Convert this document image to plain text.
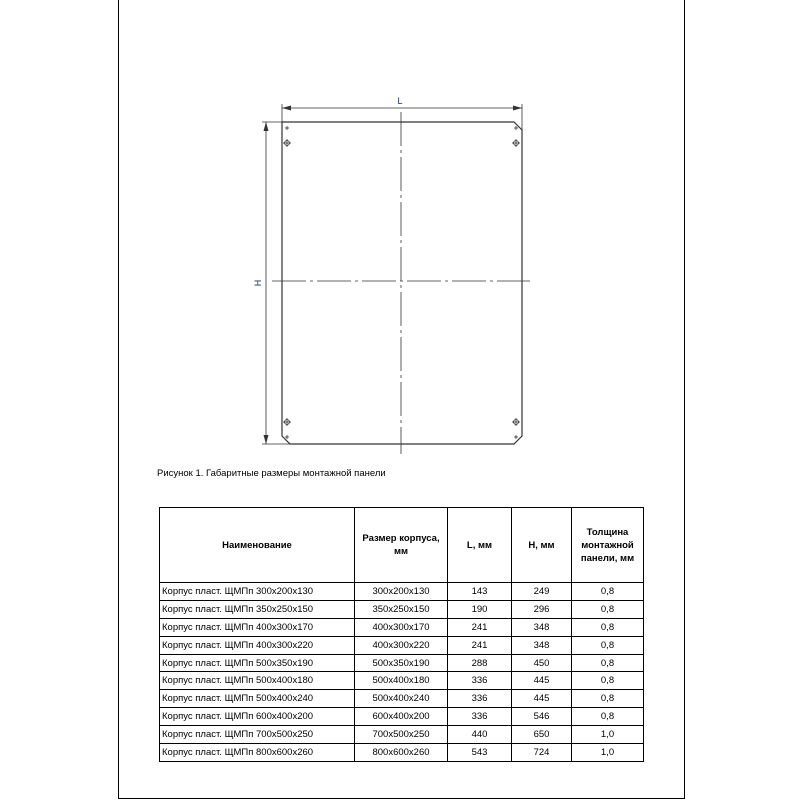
L
H
Рисунок 1. Габаритные размеры монтажной панели
Наименование	Размер корпуса, мм	L, мм	H, мм	Толщина монтажной панели, мм
Корпус пласт. ЩМПп 300х200х130	300х200х130	143	249	0,8
Корпус пласт. ЩМПп 350х250х150	350х250х150	190	296	0,8
Корпус пласт. ЩМПп 400х300х170	400х300х170	241	348	0,8
Корпус пласт. ЩМПп 400х300х220	400х300х220	241	348	0,8
Корпус пласт. ЩМПп 500х350х190	500х350х190	288	450	0,8
Корпус пласт. ЩМПп 500х400х180	500х400х180	336	445	0,8
Корпус пласт. ЩМПп 500х400х240	500х400х240	336	445	0,8
Корпус пласт. ЩМПп 600х400х200	600х400х200	336	546	0,8
Корпус пласт. ЩМПп 700х500х250	700х500х250	440	650	1,0
Корпус пласт. ЩМПп 800х600х260	800х600х260	543	724	1,0
